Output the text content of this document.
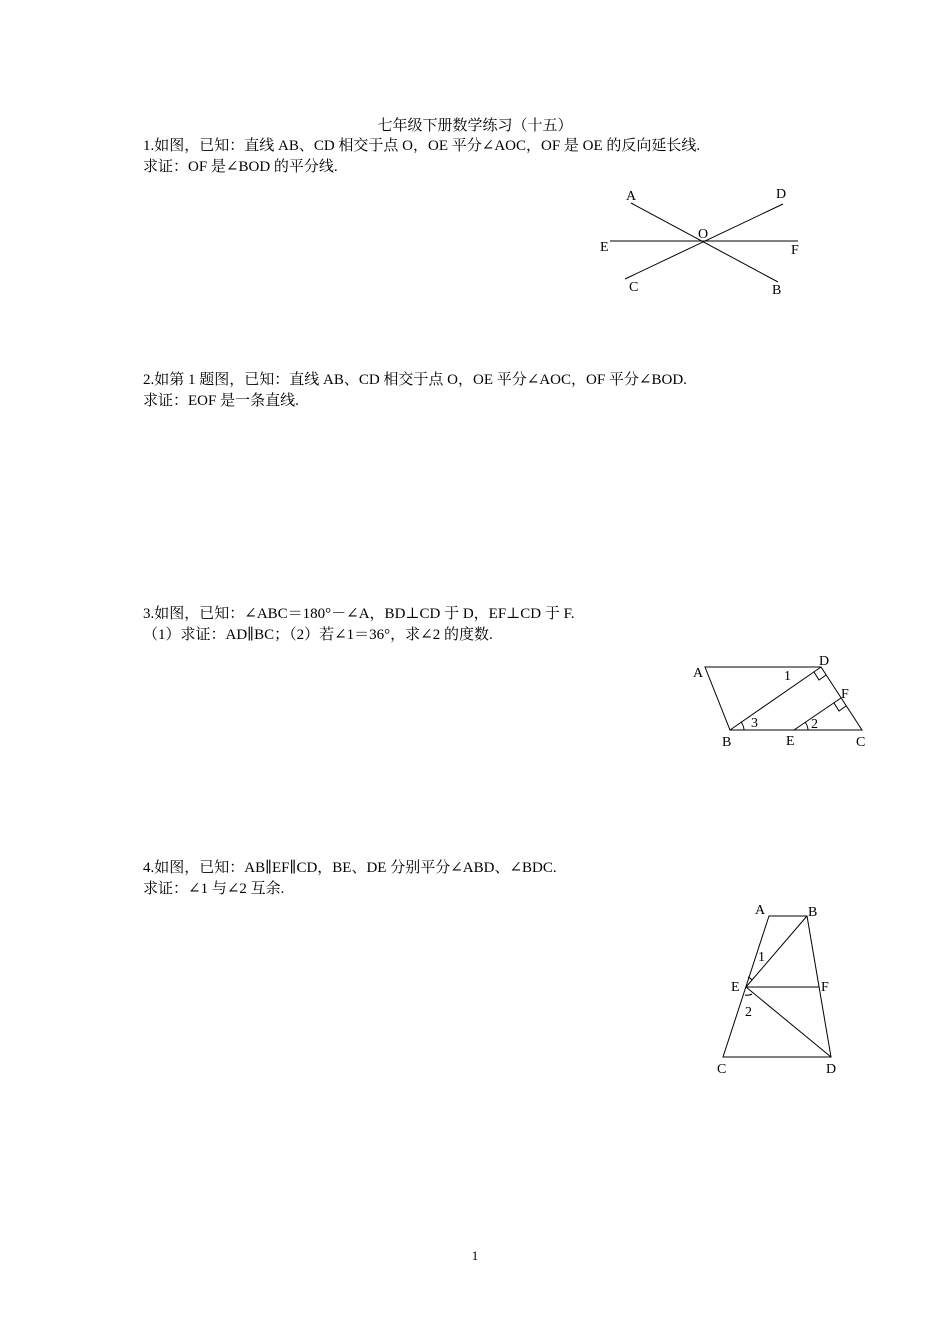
七年级下册数学练习（十五）
1.如图，已知：直线 AB、CD 相交于点 O，OE 平分∠AOC，OF 是 OE 的反向延长线.
求证：OF 是∠BOD 的平分线.
A	D
O
E	F
C	B
2.如第 1 题图，已知：直线 AB、CD 相交于点 O，OE 平分∠AOC，OF 平分∠BOD.
求证：EOF 是一条直线.
3.如图，已知：∠ABC＝180°－∠A，BD⊥CD 于 D，EF⊥CD 于 F.
（1）求证：AD∥BC；（2）若∠1＝36°，求∠2 的度数.
A
D
1
F
3	2
B	E	C
4.如图，已知：AB∥EF∥CD，BE、DE 分别平分∠ABD、∠BDC.
求证：∠1 与∠2 互余.
A	B
1
E	F
2
C	D
1
